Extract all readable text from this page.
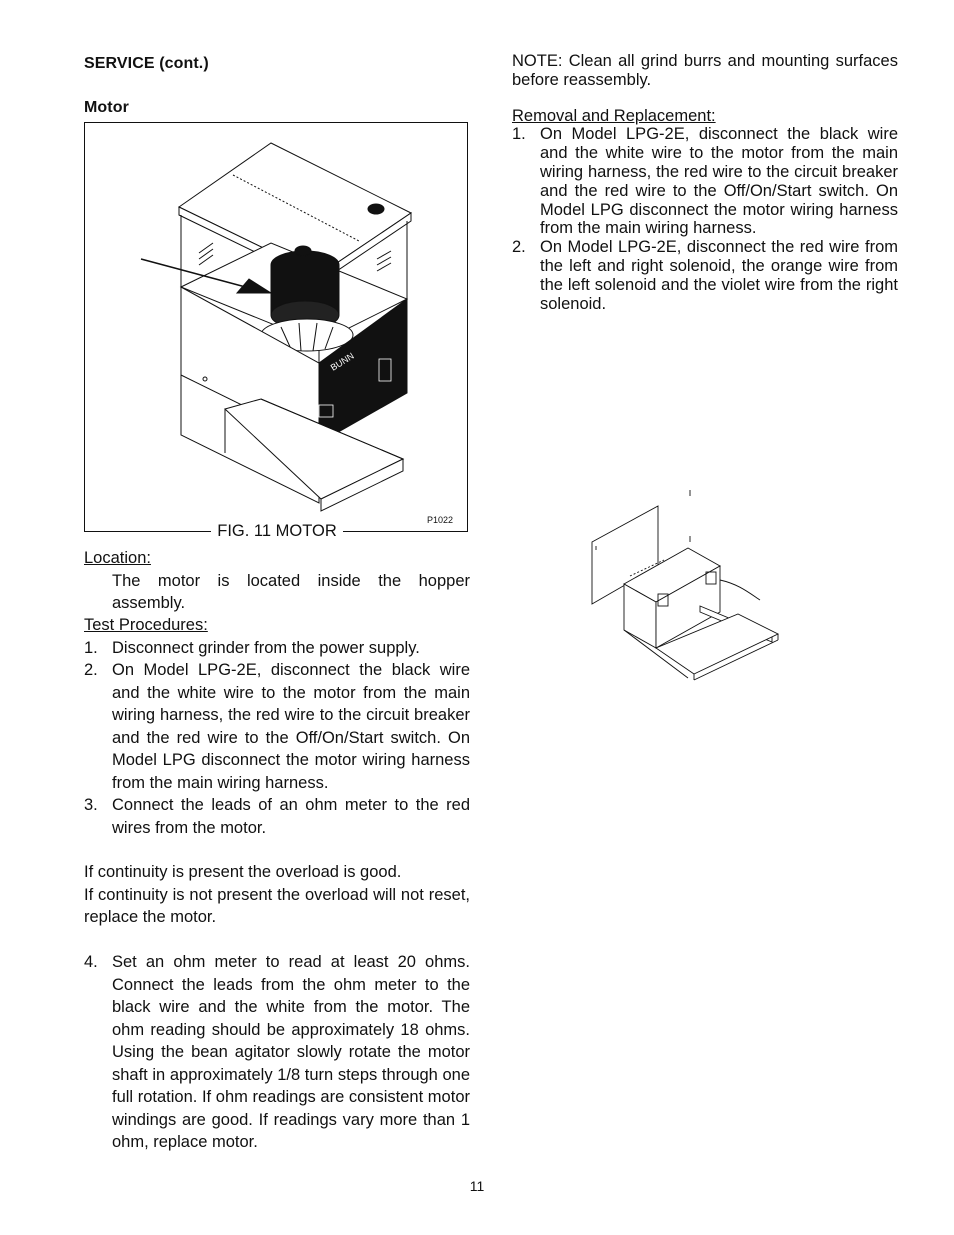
SERVICE (cont.)
Motor
BUNN
P1022
FIG. 11 MOTOR
Location:
The motor is located inside the hopper assembly.
Test Procedures:
1. Disconnect grinder from the power supply.
2. On Model LPG-2E, disconnect the black wire and the white wire to the motor from the main wiring harness, the red wire to the circuit breaker and the red wire to the Off/On/Start switch. On Model LPG disconnect the motor wiring harness from the main wiring harness.
3. Connect the leads of an ohm meter to the red wires from the motor.
If continuity is present the overload is good.
If continuity is not present the overload will not reset, replace the motor.
4. Set an ohm meter to read at least 20 ohms. Connect the leads from the ohm meter to the black wire and the white from the motor. The ohm reading should be approximately 18 ohms. Using the bean agitator slowly rotate the motor shaft in approximately 1/8 turn steps through one full rotation. If ohm readings are consistent motor windings are good. If readings vary more than 1 ohm, replace motor.
NOTE: Clean all grind burrs and mounting surfaces before reassembly.
Removal and Replacement:
1. On Model LPG-2E, disconnect the black wire and the white wire to the motor from the main wiring harness, the red wire to the circuit breaker and the red wire to the Off/On/Start switch. On Model LPG disconnect the motor wiring harness from the main wiring harness.
2. On Model LPG-2E, disconnect the red wire from the left and right solenoid, the orange wire from the left solenoid and the violet wire from the right solenoid.
11
